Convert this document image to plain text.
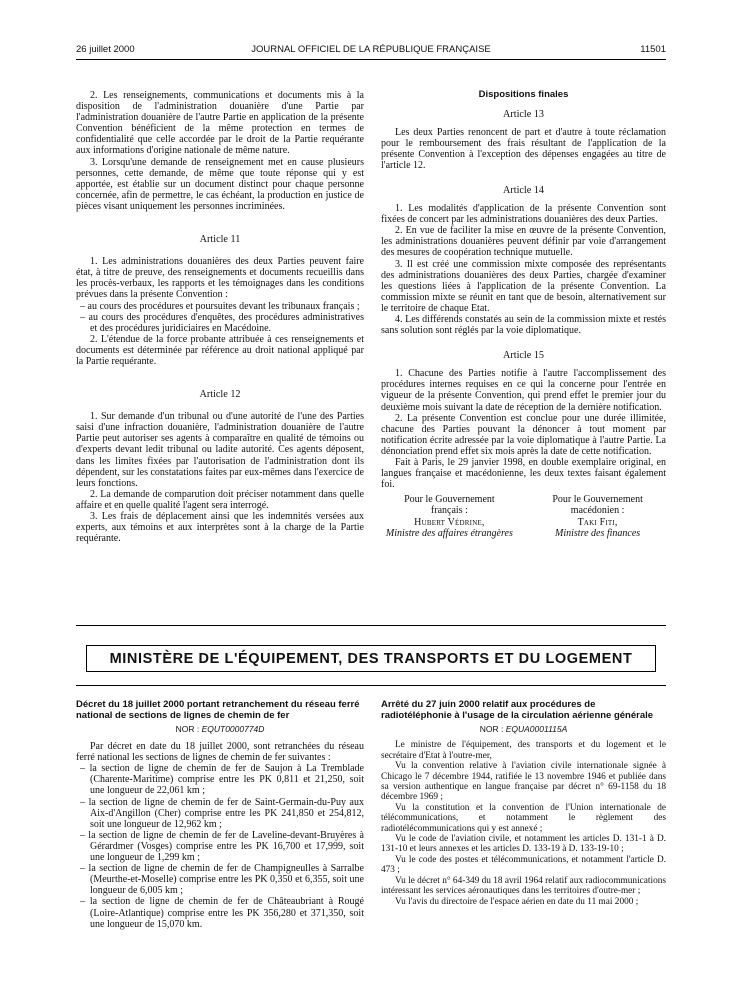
26 juillet 2000	JOURNAL OFFICIEL DE LA RÉPUBLIQUE FRANÇAISE	11501

2. Les renseignements, communications et documents mis à la disposition de l'administration douanière d'une Partie par l'administration douanière de l'autre Partie en application de la présente Convention bénéficient de la même protection en termes de confidentialité que celle accordée par le droit de la Partie requérante aux informations d'origine nationale de même nature.

3. Lorsqu'une demande de renseignement met en cause plusieurs personnes, cette demande, de même que toute réponse qui y est apportée, est établie sur un document distinct pour chaque personne concernée, afin de permettre, le cas échéant, la production en justice de pièces visant uniquement les personnes incriminées.

Article 11

1. Les administrations douanières des deux Parties peuvent faire état, à titre de preuve, des renseignements et documents recueillis dans les procès-verbaux, les rapports et les témoignages dans les conditions prévues dans la présente Convention :

– au cours des procédures et poursuites devant les tribunaux français ;

– au cours des procédures d'enquêtes, des procédures administratives et des procédures juridiciaires en Macédoine.

2. L'étendue de la force probante attribuée à ces renseignements et documents est déterminée par référence au droit national appliqué par la Partie requérante.

Article 12

1. Sur demande d'un tribunal ou d'une autorité de l'une des Parties saisi d'une infraction douanière, l'administration douanière de l'autre Partie peut autoriser ses agents à comparaître en qualité de témoins ou d'experts devant ledit tribunal ou ladite autorité. Ces agents déposent, dans les limites fixées par l'autorisation de l'administration dont ils dépendent, sur les constatations faites par eux-mêmes dans l'exercice de leurs fonctions.

2. La demande de comparution doit préciser notamment dans quelle affaire et en quelle qualité l'agent sera interrogé.

3. Les frais de déplacement ainsi que les indemnités versées aux experts, aux témoins et aux interprètes sont à la charge de la Partie requérante.

Dispositions finales

Article 13

Les deux Parties renoncent de part et d'autre à toute réclamation pour le remboursement des frais résultant de l'application de la présente Convention à l'exception des dépenses engagées au titre de l'article 12.

Article 14

1. Les modalités d'application de la présente Convention sont fixées de concert par les administrations douanières des deux Parties.

2. En vue de faciliter la mise en œuvre de la présente Convention, les administrations douanières peuvent définir par voie d'arrangement des mesures de coopération technique mutuelle.

3. Il est créé une commission mixte composée des représentants des administrations douanières des deux Parties, chargée d'examiner les questions liées à l'application de la présente Convention. La commission mixte se réunit en tant que de besoin, alternativement sur le territoire de chaque Etat.

4. Les différends constatés au sein de la commission mixte et restés sans solution sont réglés par la voie diplomatique.

Article 15

1. Chacune des Parties notifie à l'autre l'accomplissement des procédures internes requises en ce qui la concerne pour l'entrée en vigueur de la présente Convention, qui prend effet le premier jour du deuxième mois suivant la date de réception de la dernière notification.

2. La présente Convention est conclue pour une durée illimitée, chacune des Parties pouvant la dénoncer à tout moment par notification écrite adressée par la voie diplomatique à l'autre Partie. La dénonciation prend effet six mois après la date de cette notification.

Fait à Paris, le 29 janvier 1998, en double exemplaire original, en langues française et macédonienne, les deux textes faisant également foi.

Pour le Gouvernement
français :
Hubert Védrine,
Ministre des affaires étrangères
Pour le Gouvernement
macédonien :
Taki Fiti,
Ministre des finances
MINISTÈRE DE L'ÉQUIPEMENT, DES TRANSPORTS ET DU LOGEMENT

Décret du 18 juillet 2000 portant retranchement du réseau ferré national de sections de lignes de chemin de fer

NOR : EQUT0000774D

Par décret en date du 18 juillet 2000, sont retranchées du réseau ferré national les sections de lignes de chemin de fer suivantes :

– la section de ligne de chemin de fer de Saujon à La Tremblade (Charente-Maritime) comprise entre les PK 0,811 et 21,250, soit une longueur de 22,061 km ;

– la section de ligne de chemin de fer de Saint-Germain-du-Puy aux Aix-d'Angillon (Cher) comprise entre les PK 241,850 et 254,812, soit une longueur de 12,962 km ;

– la section de ligne de chemin de fer de Laveline-devant-Bruyères à Gérardmer (Vosges) comprise entre les PK 16,700 et 17,999, soit une longueur de 1,299 km ;

– la section de ligne de chemin de fer de Champigneulles à Sarralbe (Meurthe-et-Moselle) comprise entre les PK 0,350 et 6,355, soit une longueur de 6,005 km ;

– la section de ligne de chemin de fer de Châteaubriant à Rougé (Loire-Atlantique) comprise entre les PK 356,280 et 371,350, soit une longueur de 15,070 km.

Arrêté du 27 juin 2000 relatif aux procédures de radiotéléphonie à l'usage de la circulation aérienne générale

NOR : EQUA0001115A

Le ministre de l'équipement, des transports et du logement et le secrétaire d'Etat à l'outre-mer,

Vu la convention relative à l'aviation civile internationale signée à Chicago le 7 décembre 1944, ratifiée le 13 novembre 1946 et publiée dans sa version authentique en langue française par décret n° 69-1158 du 18 décembre 1969 ;

Vu la constitution et la convention de l'Union internationale de télécommunications, et notamment le règlement des radiotélécommunications qui y est annexé ;

Vu le code de l'aviation civile, et notamment les articles D. 131-1 à D. 131-10 et leurs annexes et les articles D. 133-19 à D. 133-19-10 ;

Vu le code des postes et télécommunications, et notamment l'article D. 473 ;

Vu le décret n° 64-349 du 18 avril 1964 relatif aux radiocommunications intéressant les services aéronautiques dans les territoires d'outre-mer ;

Vu l'avis du directoire de l'espace aérien en date du 11 mai 2000 ;
